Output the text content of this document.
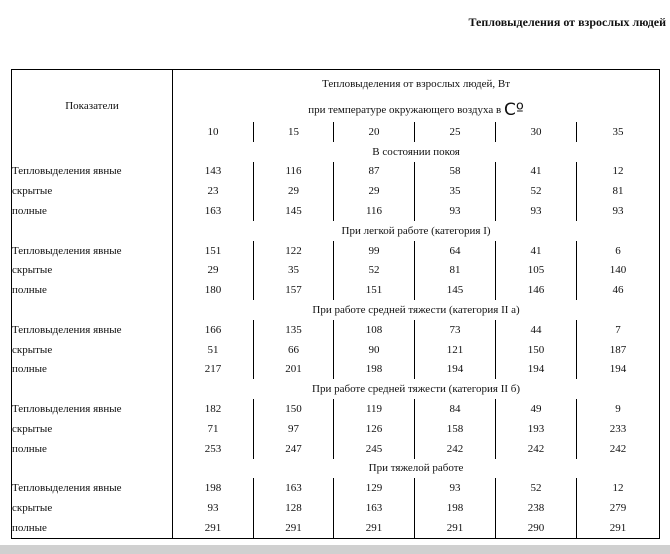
Тепловыделения от взрослых людей
Показатели	Тепловыделения от взрослых людей, Вт					
	при температуре окружающего воздуха в Cº					
	10	15	20	25	30	35
	В состоянии покоя					
Тепловыделения явные	143	116	87	58	41	12
скрытые	23	29	29	35	52	81
полные	163	145	116	93	93	93
	При легкой работе (категория I)					
Тепловыделения явные	151	122	99	64	41	6
скрытые	29	35	52	81	105	140
полные	180	157	151	145	146	46
	При работе средней тяжести (категория II а)					
Тепловыделения явные	166	135	108	73	44	7
скрытые	51	66	90	121	150	187
полные	217	201	198	194	194	194
	При работе средней тяжести (категория II б)					
Тепловыделения явные	182	150	119	84	49	9
скрытые	71	97	126	158	193	233
полные	253	247	245	242	242	242
	При тяжелой работе					
Тепловыделения явные	198	163	129	93	52	12
скрытые	93	128	163	198	238	279
полные	291	291	291	291	290	291
